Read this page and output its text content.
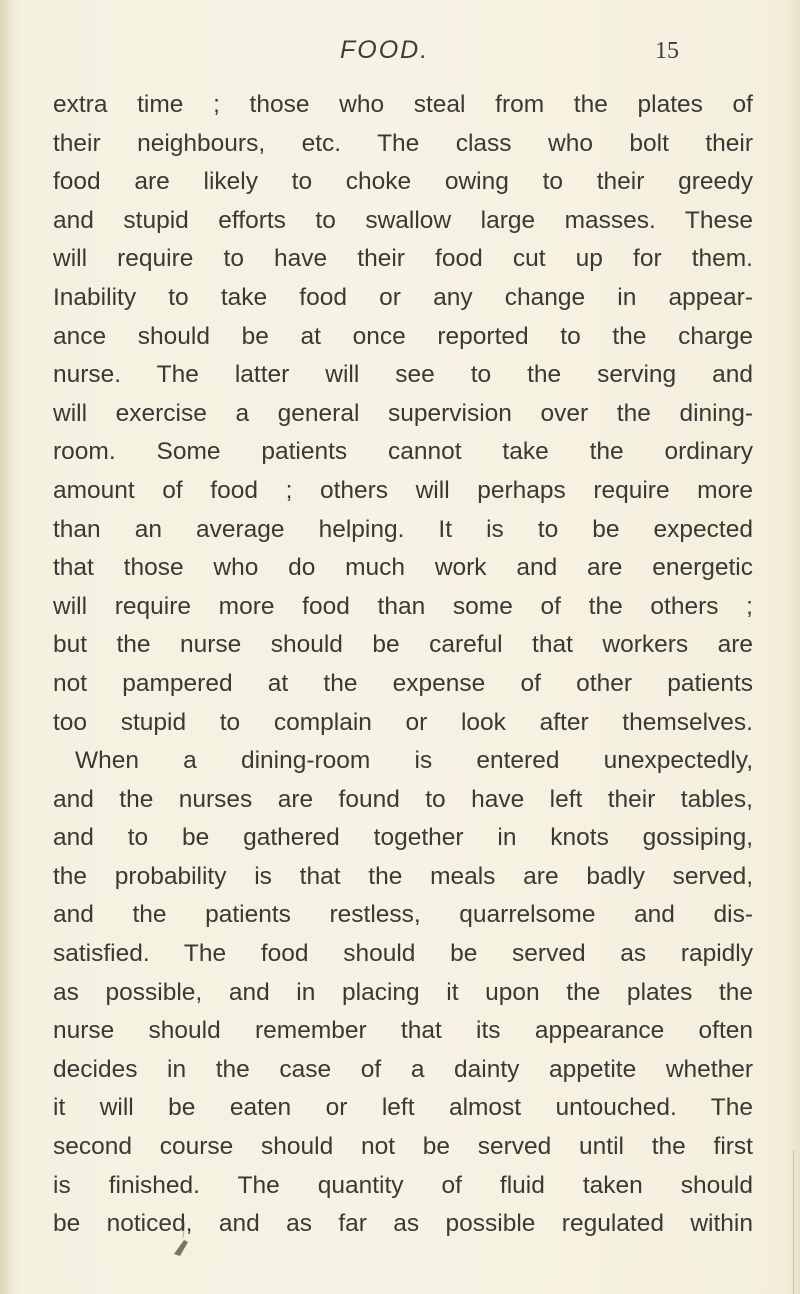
FOOD.	15
extra time ; those who steal from the plates of
their neighbours, etc. The class who bolt their
food are likely to choke owing to their greedy
and stupid efforts to swallow large masses. These
will require to have their food cut up for them.
Inability to take food or any change in appear-
ance should be at once reported to the charge
nurse. The latter will see to the serving and
will exercise a general supervision over the dining-
room. Some patients cannot take the ordinary
amount of food ; others will perhaps require more
than an average helping. It is to be expected
that those who do much work and are energetic
will require more food than some of the others ;
but the nurse should be careful that workers are
not pampered at the expense of other patients
too stupid to complain or look after themselves.
When a dining-room is entered unexpectedly,
and the nurses are found to have left their tables,
and to be gathered together in knots gossiping,
the probability is that the meals are badly served,
and the patients restless, quarrelsome and dis-
satisfied. The food should be served as rapidly
as possible, and in placing it upon the plates the
nurse should remember that its appearance often
decides in the case of a dainty appetite whether
it will be eaten or left almost untouched. The
second course should not be served until the first
is finished. The quantity of fluid taken should
be noticed, and as far as possible regulated within
